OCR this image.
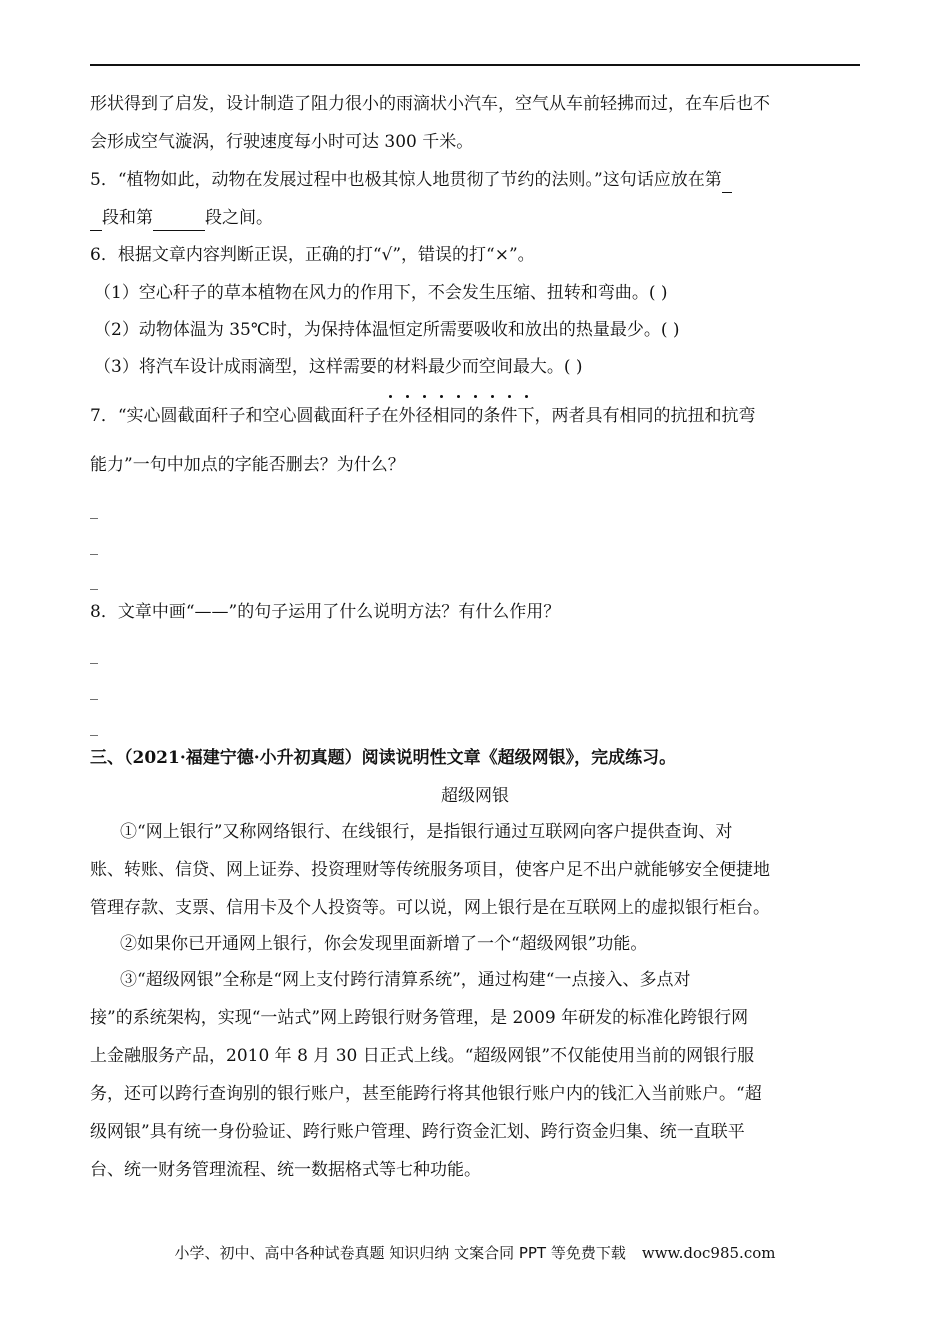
形状得到了启发，设计制造了阻力很小的雨滴状小汽车，空气从车前轻拂而过，在车后也不
会形成空气漩涡，行驶速度每小时可达 300 千米。
5．“植物如此，动物在发展过程中也极其惊人地贯彻了节约的法则。”这句话应放在第
段和第	段之间。
6．根据文章内容判断正误，正确的打“√”，错误的打“×”。
（1）空心秆子的草本植物在风力的作用下，不会发生压缩、扭转和弯曲。( )
（2）动物体温为 35℃时，为保持体温恒定所需要吸收和放出的热量最少。( )
（3）将汽车设计成雨滴型，这样需要的材料最少而空间最大。( )
7．“实心圆截面秆子和空心圆截面秆子在外径相同的条件下，两者具有相同的抗扭和抗弯
能力”一句中加点的字能否删去？为什么？
_
_
_
8．文章中画“——”的句子运用了什么说明方法？有什么作用？
_
_
_
三、（2021·福建宁德·小升初真题）阅读说明性文章《超级网银》，完成练习。
超级网银
①“网上银行”又称网络银行、在线银行，是指银行通过互联网向客户提供查询、对
账、转账、信贷、网上证券、投资理财等传统服务项目，使客户足不出户就能够安全便捷地
管理存款、支票、信用卡及个人投资等。可以说，网上银行是在互联网上的虚拟银行柜台。
②如果你已开通网上银行，你会发现里面新增了一个“超级网银”功能。
③“超级网银”全称是“网上支付跨行清算系统”，通过构建“一点接入、多点对
接”的系统架构，实现“一站式”网上跨银行财务管理，是 2009 年研发的标准化跨银行网
上金融服务产品，2010 年 8 月 30 日正式上线。“超级网银”不仅能使用当前的网银行服
务，还可以跨行查询别的银行账户，甚至能跨行将其他银行账户内的钱汇入当前账户。“超
级网银”具有统一身份验证、跨行账户管理、跨行资金汇划、跨行资金归集、统一直联平
台、统一财务管理流程、统一数据格式等七种功能。
小学、初中、高中各种试卷真题 知识归纳 文案合同 PPT 等免费下载 www.doc985.com
